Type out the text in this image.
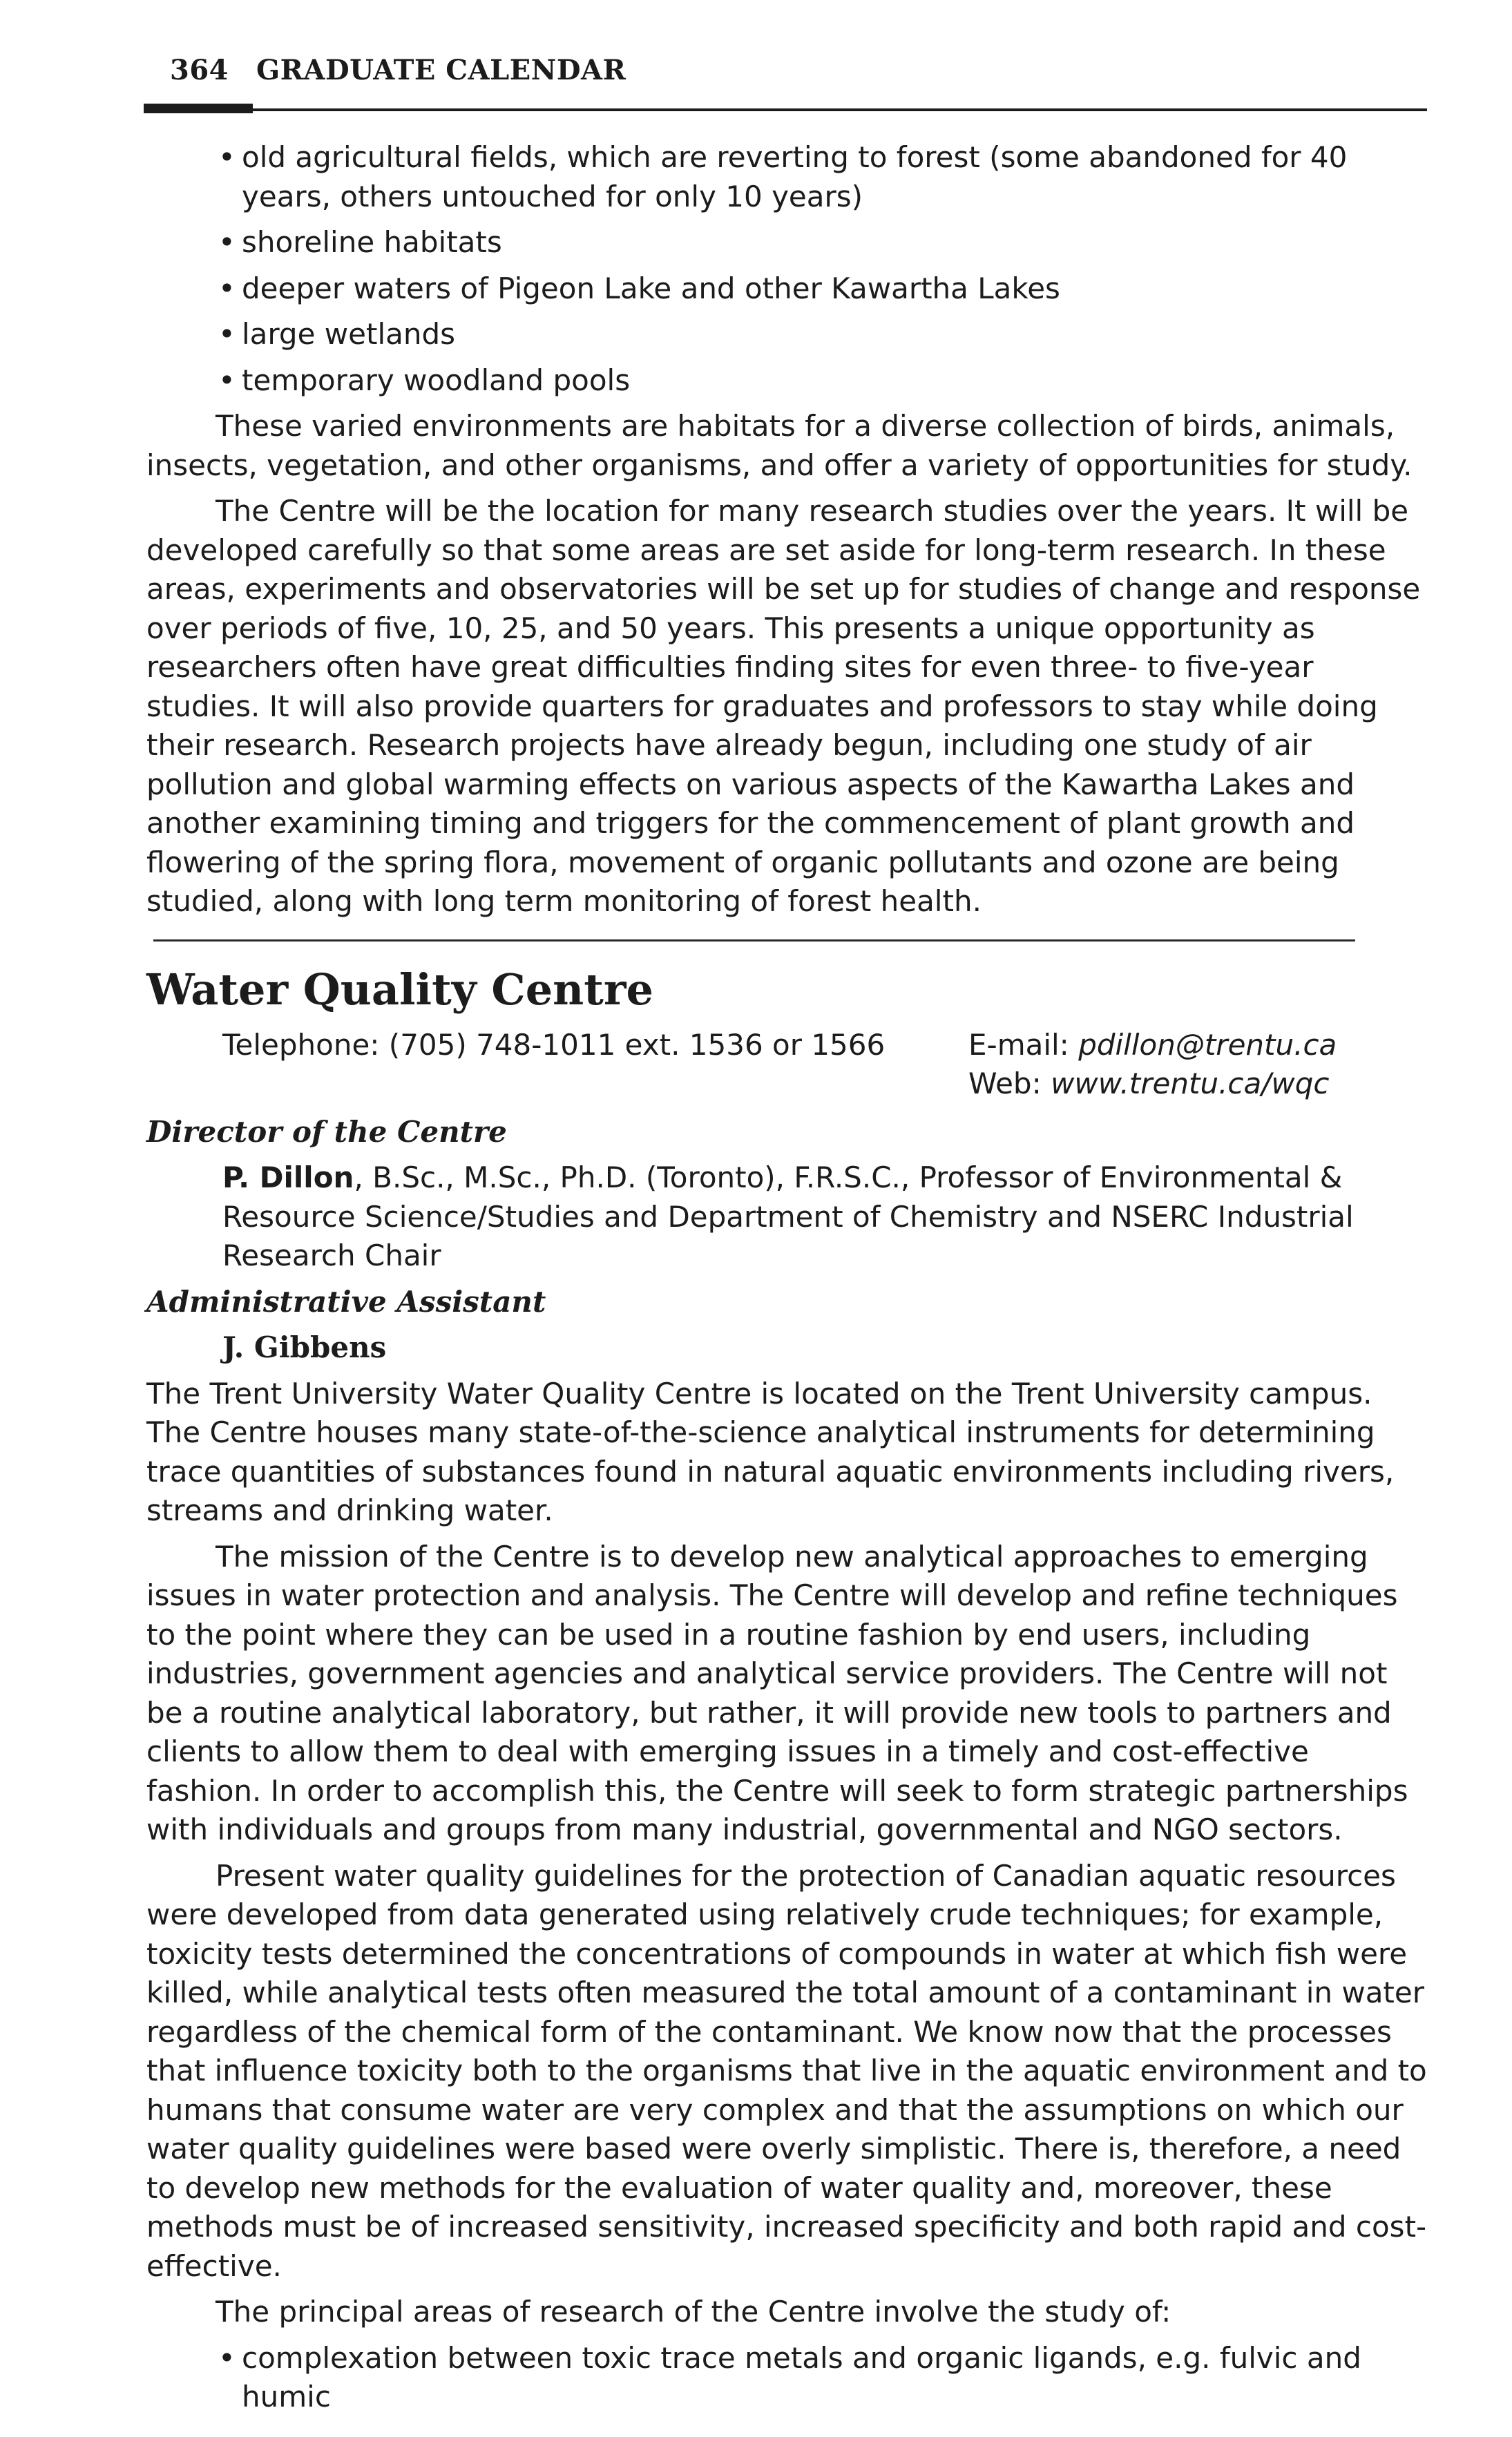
364 GRADUATE CALENDAR
• old agricultural fields, which are reverting to forest (some abandoned for 40 years, others untouched for only 10 years)
• shoreline habitats
• deeper waters of Pigeon Lake and other Kawartha Lakes
• large wetlands
• temporary woodland pools

These varied environments are habitats for a diverse collection of birds, animals, insects, vegetation, and other organisms, and offer a variety of opportunities for study.

The Centre will be the location for many research studies over the years. It will be developed carefully so that some areas are set aside for long-term research. In these areas, experiments and observatories will be set up for studies of change and response over periods of five, 10, 25, and 50 years. This presents a unique opportunity as researchers often have great difficulties finding sites for even three- to five-year studies. It will also provide quarters for graduates and professors to stay while doing their research. Research projects have already begun, including one study of air pollution and global warming effects on various aspects of the Kawartha Lakes and another examining timing and triggers for the commencement of plant growth and flowering of the spring flora, movement of organic pollutants and ozone are being studied, along with long term monitoring of forest health.

Water Quality Centre
Telephone: (705) 748-1011 ext. 1536 or 1566	E-mail: pdillon@trentu.ca
Web: www.trentu.ca/wqc

Director of the Centre

P. Dillon, B.Sc., M.Sc., Ph.D. (Toronto), F.R.S.C., Professor of Environmental & Resource Science/Studies and Department of Chemistry and NSERC Industrial Research Chair

Administrative Assistant

J. Gibbens

The Trent University Water Quality Centre is located on the Trent University campus. The Centre houses many state-of-the-science analytical instruments for determining trace quantities of substances found in natural aquatic environments including rivers, streams and drinking water.

The mission of the Centre is to develop new analytical approaches to emerging issues in water protection and analysis. The Centre will develop and refine techniques to the point where they can be used in a routine fashion by end users, including industries, government agencies and analytical service providers. The Centre will not be a routine analytical laboratory, but rather, it will provide new tools to partners and clients to allow them to deal with emerging issues in a timely and cost-effective fashion. In order to accomplish this, the Centre will seek to form strategic partnerships with individuals and groups from many industrial, governmental and NGO sectors.

Present water quality guidelines for the protection of Canadian aquatic resources were developed from data generated using relatively crude techniques; for example, toxicity tests determined the concentrations of compounds in water at which fish were killed, while analytical tests often measured the total amount of a contaminant in water regardless of the chemical form of the contaminant. We know now that the processes that influence toxicity both to the organisms that live in the aquatic environment and to humans that consume water are very complex and that the assumptions on which our water quality guidelines were based were overly simplistic. There is, therefore, a need to develop new methods for the evaluation of water quality and, moreover, these methods must be of increased sensitivity, increased specificity and both rapid and cost-effective.

The principal areas of research of the Centre involve the study of:

• complexation between toxic trace metals and organic ligands, e.g. fulvic and humic
